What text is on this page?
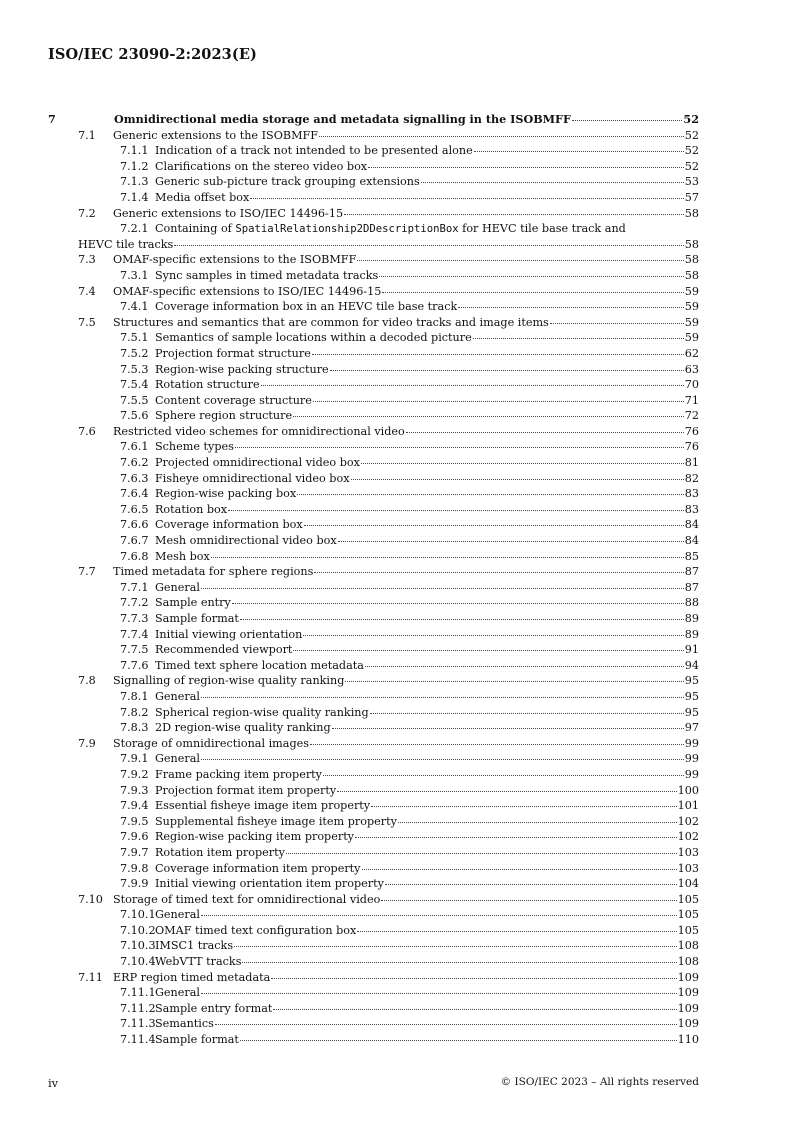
ISO/IEC 23090-2:2023(E)
7	Omnidirectional media storage and metadata signalling in the ISOBMFF	52
7.1	Generic extensions to the ISOBMFF	52
7.1.1 Indication of a track not intended to be presented alone	52
7.1.2 Clarifications on the stereo video box	52
7.1.3 Generic sub-picture track grouping extensions	53
7.1.4 Media offset box	57
7.2	Generic extensions to ISO/IEC 14496-15	58
7.2.1 Containing of SpatialRelationship2DDescriptionBox for HEVC tile base track and
HEVC tile tracks	58
7.3	OMAF-specific extensions to the ISOBMFF	58
7.3.1 Sync samples in timed metadata tracks	58
7.4	OMAF-specific extensions to ISO/IEC 14496-15	59
7.4.1 Coverage information box in an HEVC tile base track	59
7.5	Structures and semantics that are common for video tracks and image items	59
7.5.1 Semantics of sample locations within a decoded picture	59
7.5.2 Projection format structure	62
7.5.3 Region-wise packing structure	63
7.5.4 Rotation structure	70
7.5.5 Content coverage structure	71
7.5.6 Sphere region structure	72
7.6	Restricted video schemes for omnidirectional video	76
7.6.1 Scheme types	76
7.6.2 Projected omnidirectional video box	81
7.6.3 Fisheye omnidirectional video box	82
7.6.4 Region-wise packing box	83
7.6.5 Rotation box	83
7.6.6 Coverage information box	84
7.6.7 Mesh omnidirectional video box	84
7.6.8 Mesh box	85
7.7	Timed metadata for sphere regions	87
7.7.1 General	87
7.7.2 Sample entry	88
7.7.3 Sample format	89
7.7.4 Initial viewing orientation	89
7.7.5 Recommended viewport	91
7.7.6 Timed text sphere location metadata	94
7.8	Signalling of region-wise quality ranking	95
7.8.1 General	95
7.8.2 Spherical region-wise quality ranking	95
7.8.3 2D region-wise quality ranking	97
7.9	Storage of omnidirectional images	99
7.9.1 General	99
7.9.2 Frame packing item property	99
7.9.3 Projection format item property	100
7.9.4 Essential fisheye image item property	101
7.9.5 Supplemental fisheye image item property	102
7.9.6 Region-wise packing item property	102
7.9.7 Rotation item property	103
7.9.8 Coverage information item property	103
7.9.9 Initial viewing orientation item property	104
7.10 Storage of timed text for omnidirectional video	105
7.10.1 General	105
7.10.2 OMAF timed text configuration box	105
7.10.3 IMSC1 tracks	108
7.10.4 WebVTT tracks	108
7.11 ERP region timed metadata	109
7.11.1 General	109
7.11.2 Sample entry format	109
7.11.3 Semantics	109
7.11.4 Sample format	110
iv	© ISO/IEC 2023 – All rights reserved
